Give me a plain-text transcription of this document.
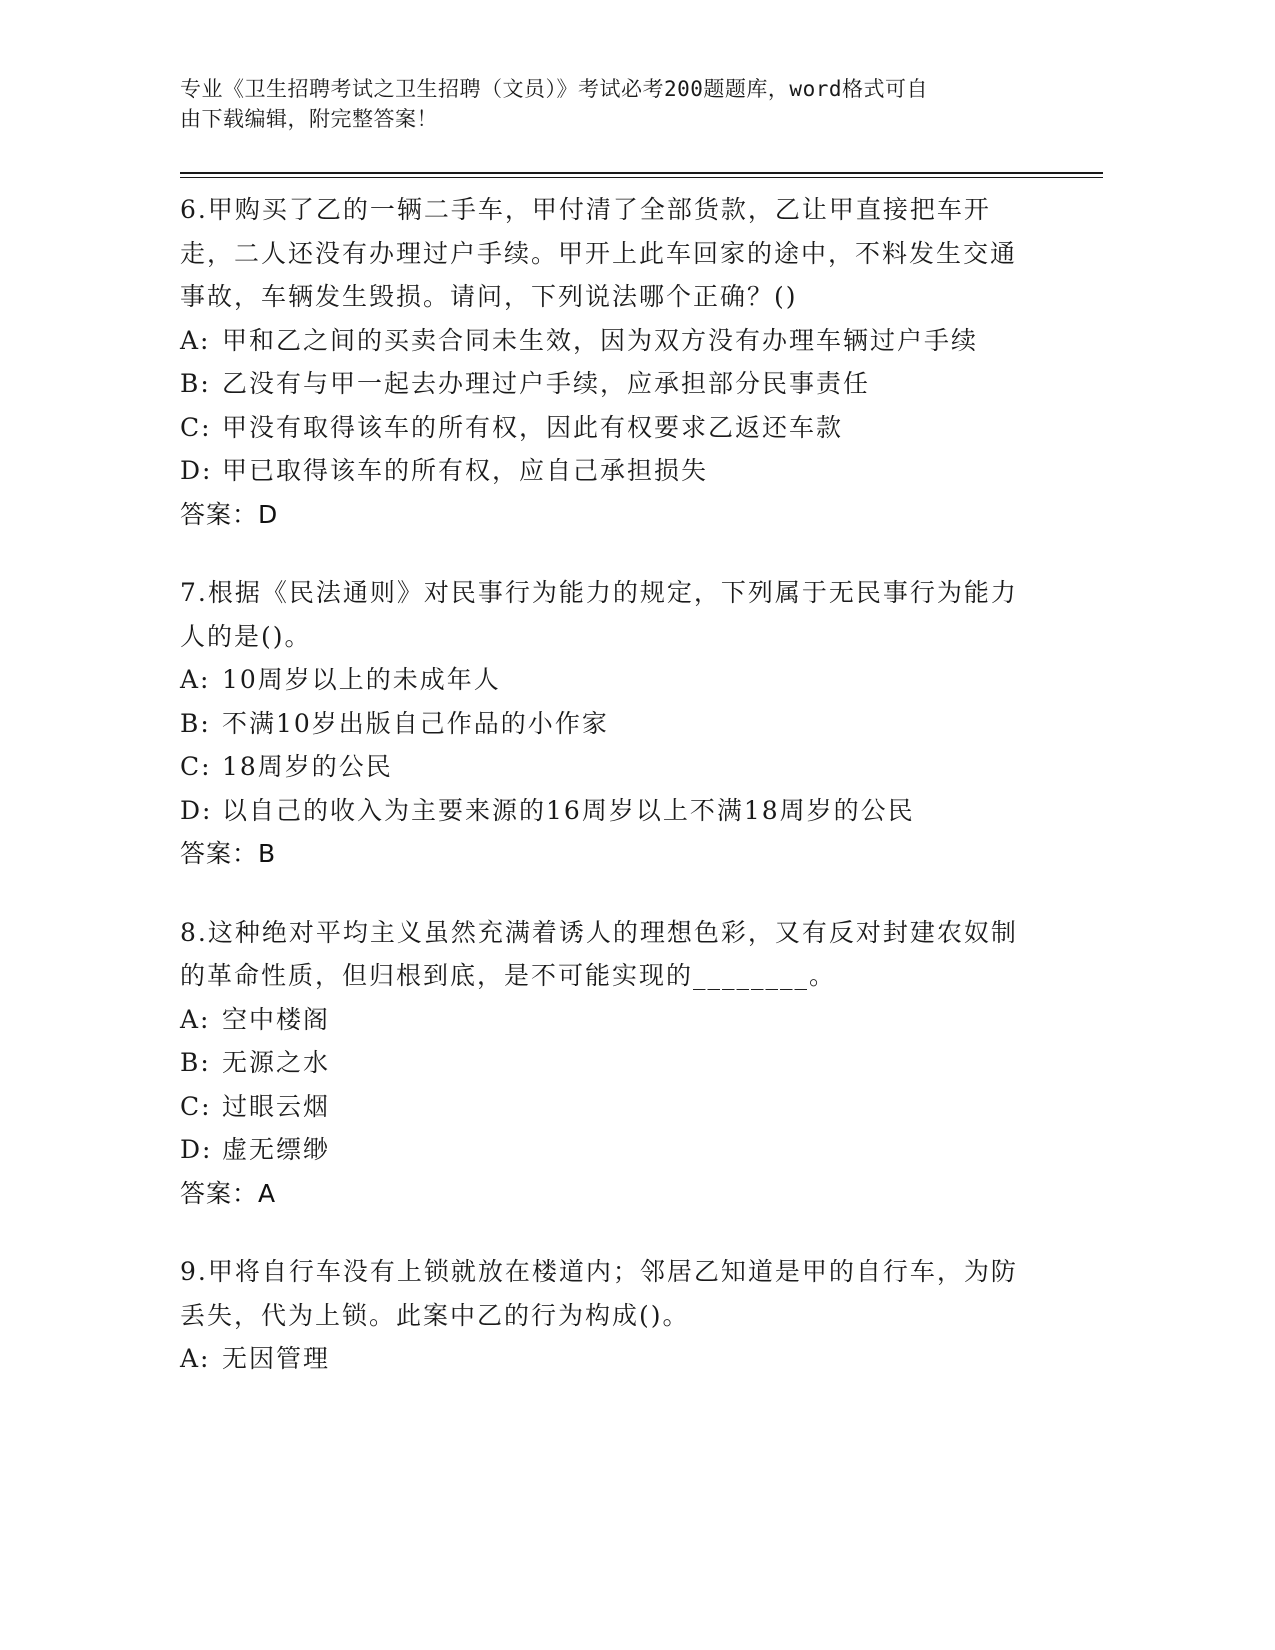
专业《卫生招聘考试之卫生招聘（文员）》考试必考200题题库，word格式可自
由下载编辑，附完整答案！
6.甲购买了乙的一辆二手车，甲付清了全部货款，乙让甲直接把车开走，二人还没有办理过户手续。甲开上此车回家的途中，不料发生交通事故，车辆发生毁损。请问，下列说法哪个正确？()
A: 甲和乙之间的买卖合同未生效，因为双方没有办理车辆过户手续
B: 乙没有与甲一起去办理过户手续，应承担部分民事责任
C: 甲没有取得该车的所有权，因此有权要求乙返还车款
D: 甲已取得该车的所有权，应自己承担损失
答案：D
7.根据《民法通则》对民事行为能力的规定，下列属于无民事行为能力人的是()。
A: 10周岁以上的未成年人
B: 不满10岁出版自己作品的小作家
C: 18周岁的公民
D: 以自己的收入为主要来源的16周岁以上不满18周岁的公民
答案：B
8.这种绝对平均主义虽然充满着诱人的理想色彩，又有反对封建农奴制的革命性质，但归根到底，是不可能实现的________。
A: 空中楼阁
B: 无源之水
C: 过眼云烟
D: 虚无缥缈
答案：A
9.甲将自行车没有上锁就放在楼道内；邻居乙知道是甲的自行车，为防丢失，代为上锁。此案中乙的行为构成()。
A: 无因管理
